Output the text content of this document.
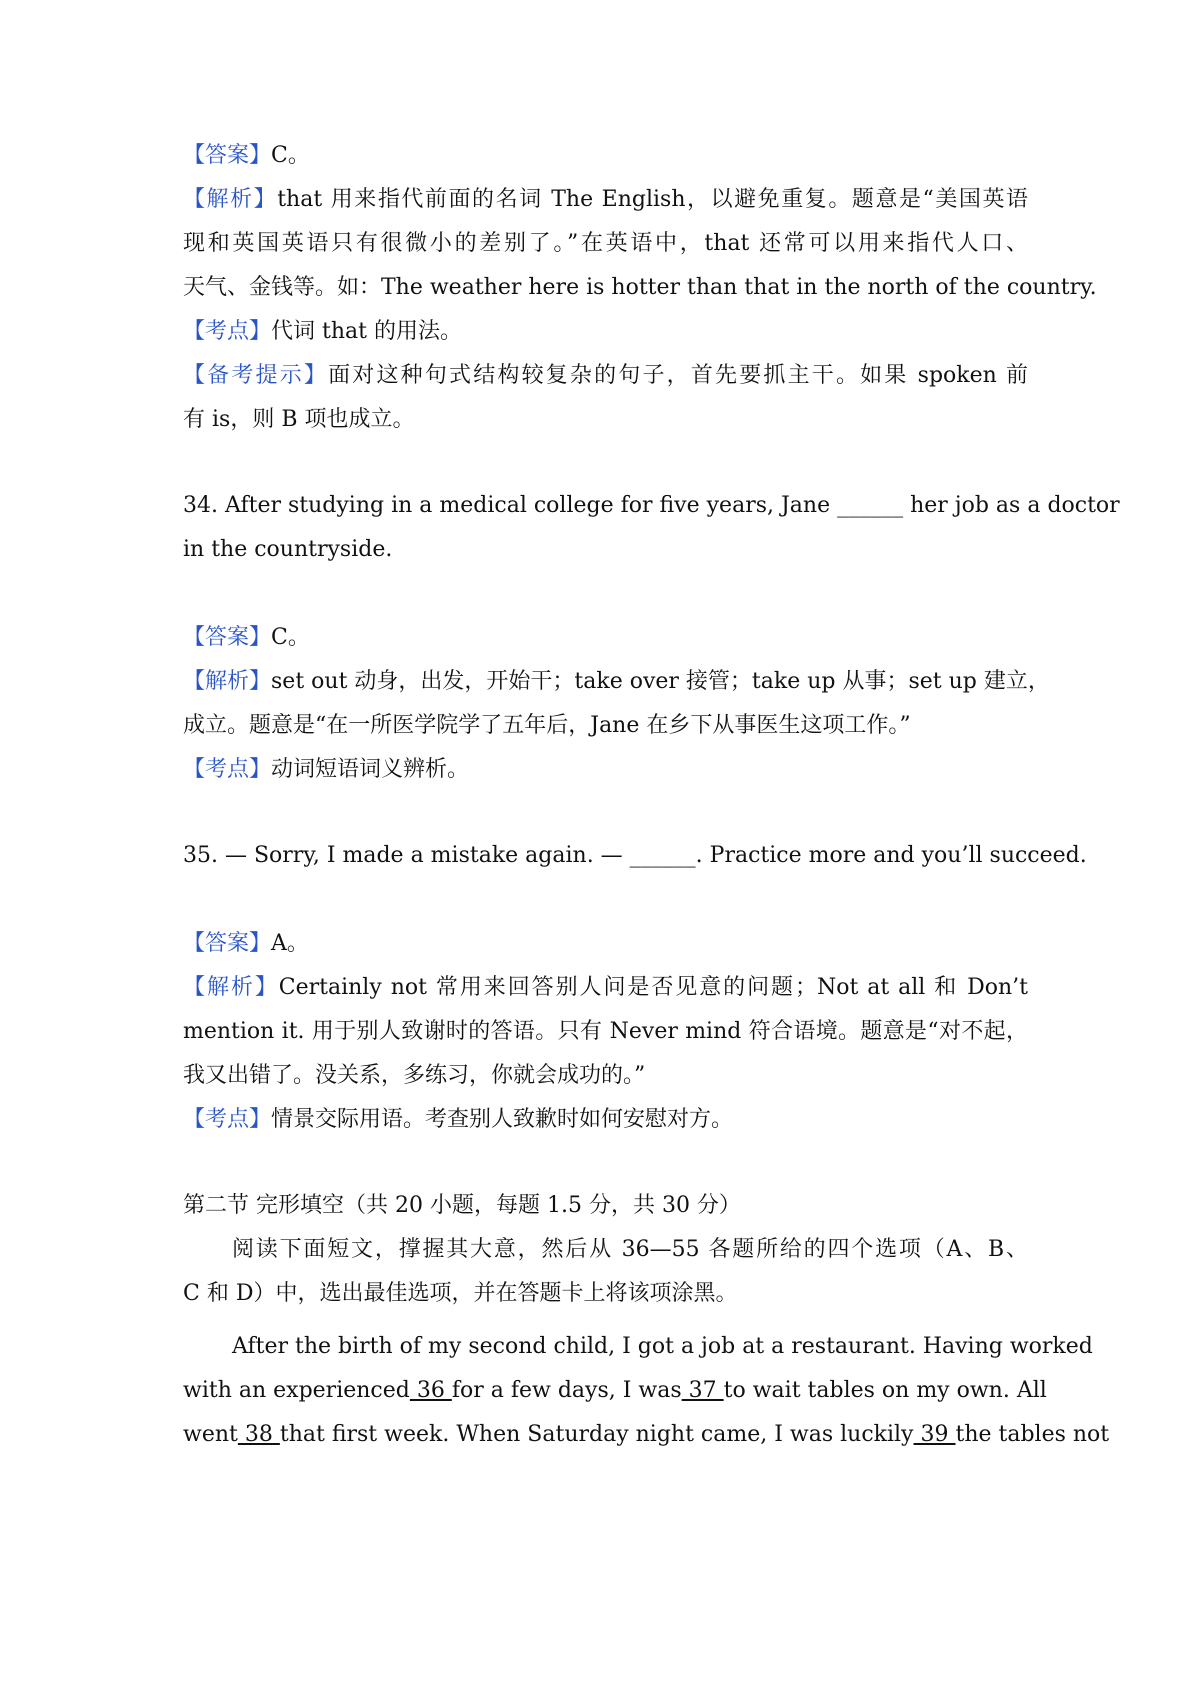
【答案】C。
【解析】that 用来指代前面的名词 The English，以避免重复。题意是“美国英语
现和英国英语只有很微小的差别了。”在英语中，that 还常可以用来指代人口、
天气、金钱等。如：The weather here is hotter than that in the north of the country.
【考点】代词 that 的用法。
【备考提示】面对这种句式结构较复杂的句子，首先要抓主干。如果 spoken 前
有 is，则 B 项也成立。
34. After studying in a medical college for five years, Jane ______ her job as a doctor
in the countryside.
【答案】C。
【解析】set out 动身，出发，开始干；take over 接管；take up 从事；set up 建立，
成立。题意是“在一所医学院学了五年后，Jane 在乡下从事医生这项工作。”
【考点】动词短语词义辨析。
35. — Sorry, I made a mistake again. — ______. Practice more and you’ll succeed.
【答案】A。
【解析】Certainly not 常用来回答别人问是否见意的问题；Not at all 和 Don’t
mention it. 用于别人致谢时的答语。只有 Never mind 符合语境。题意是“对不起，
我又出错了。没关系，多练习，你就会成功的。”
【考点】情景交际用语。考查别人致歉时如何安慰对方。
第二节 完形填空（共 20 小题，每题 1.5 分，共 30 分）
阅读下面短文，撑握其大意，然后从 36—55 各题所给的四个选项（A、B、
C 和 D）中，选出最佳选项，并在答题卡上将该项涂黑。
After the birth of my second child, I got a job at a restaurant. Having worked
with an experienced 36 for a few days, I was 37 to wait tables on my own. All
went 38 that first week. When Saturday night came, I was luckily 39 the tables not
